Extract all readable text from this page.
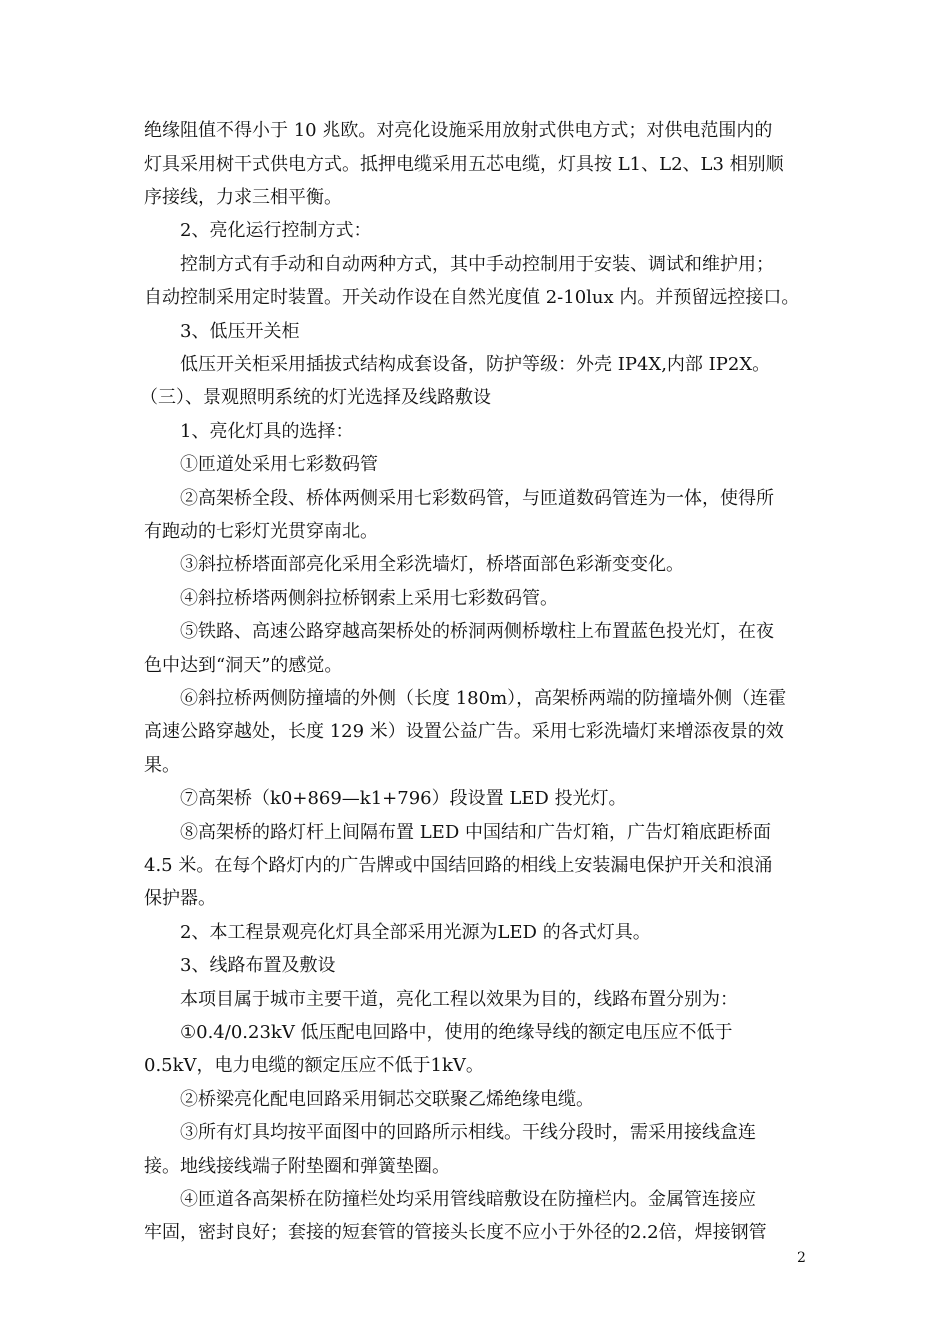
绝缘阻值不得小于 10 兆欧。对亮化设施采用放射式供电方式；对供电范围内的
灯具采用树干式供电方式。抵押电缆采用五芯电缆，灯具按 L1、L2、L3 相别顺
序接线，力求三相平衡。
2、亮化运行控制方式：
控制方式有手动和自动两种方式，其中手动控制用于安装、调试和维护用；
自动控制采用定时装置。开关动作设在自然光度值 2-10lux 内。并预留远控接口。
3、低压开关柜
低压开关柜采用插拔式结构成套设备，防护等级：外壳 IP4X,内部 IP2X。
（三）、景观照明系统的灯光选择及线路敷设
1、亮化灯具的选择：
①匝道处采用七彩数码管
②高架桥全段、桥体两侧采用七彩数码管，与匝道数码管连为一体，使得所
有跑动的七彩灯光贯穿南北。
③斜拉桥塔面部亮化采用全彩洗墙灯，桥塔面部色彩渐变变化。
④斜拉桥塔两侧斜拉桥钢索上采用七彩数码管。
⑤铁路、高速公路穿越高架桥处的桥洞两侧桥墩柱上布置蓝色投光灯，在夜
色中达到“洞天”的感觉。
⑥斜拉桥两侧防撞墙的外侧（长度 180m），高架桥两端的防撞墙外侧（连霍
高速公路穿越处，长度 129 米）设置公益广告。采用七彩洗墙灯来增添夜景的效
果。
⑦高架桥（k0+869—k1+796）段设置 LED 投光灯。
⑧高架桥的路灯杆上间隔布置 LED 中国结和广告灯箱，广告灯箱底距桥面
4.5 米。在每个路灯内的广告牌或中国结回路的相线上安装漏电保护开关和浪涌
保护器。
2、本工程景观亮化灯具全部采用光源为LED 的各式灯具。
3、线路布置及敷设
本项目属于城市主要干道，亮化工程以效果为目的，线路布置分别为：
①0.4/0.23kV 低压配电回路中，使用的绝缘导线的额定电压应不低于
0.5kV，电力电缆的额定压应不低于1kV。
②桥梁亮化配电回路采用铜芯交联聚乙烯绝缘电缆。
③所有灯具均按平面图中的回路所示相线。干线分段时，需采用接线盒连
接。地线接线端子附垫圈和弹簧垫圈。
④匝道各高架桥在防撞栏处均采用管线暗敷设在防撞栏内。金属管连接应
牢固，密封良好；套接的短套管的管接头长度不应小于外径的2.2倍，焊接钢管
2
